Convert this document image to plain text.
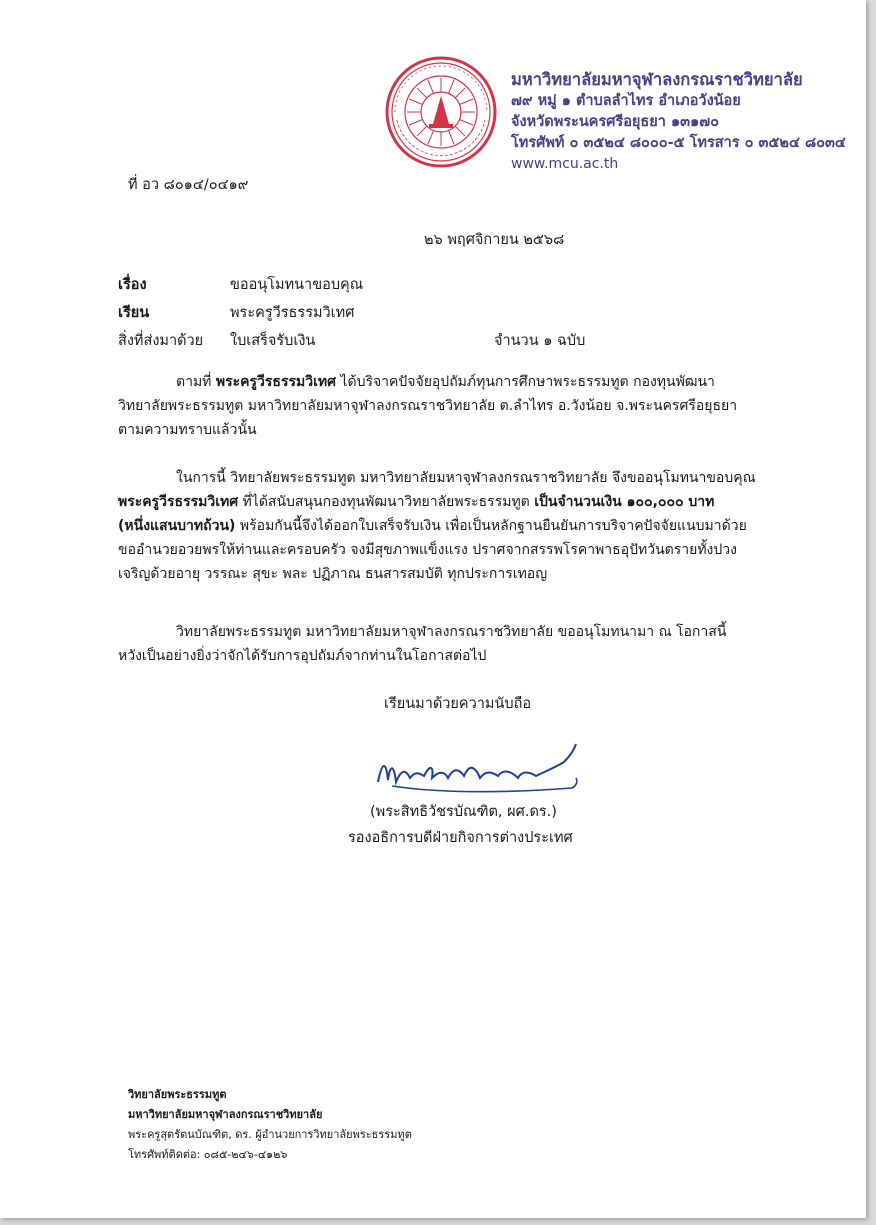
มหาวิทยาลัยมหาจุฬาลงกรณราชวิทยาลัย
๗๙ หมู่ ๑ ตำบลลำไทร อำเภอวังน้อย
จังหวัดพระนครศรีอยุธยา ๑๓๑๗๐
โทรศัพท์ ๐ ๓๕๒๔ ๘๐๐๐-๕ โทรสาร ๐ ๓๕๒๔ ๘๐๓๔
www.mcu.ac.th
ที่ อว ๘๐๑๔/๐๔๑๙
๒๖ พฤศจิกายน ๒๕๖๘
เรื่อง	ขออนุโมทนาขอบคุณ
เรียน	พระครูวีรธรรมวิเทศ
สิ่งที่ส่งมาด้วย ใบเสร็จรับเงิน	จำนวน ๑ ฉบับ
ตามที่ พระครูวีรธรรมวิเทศ ได้บริจาคปัจจัยอุปถัมภ์ทุนการศึกษาพระธรรมทูต กองทุนพัฒนา
วิทยาลัยพระธรรมทูต มหาวิทยาลัยมหาจุฬาลงกรณราชวิทยาลัย ต.ลำไทร อ.วังน้อย จ.พระนครศรีอยุธยา
ตามความทราบแล้วนั้น
ในการนี้ วิทยาลัยพระธรรมทูต มหาวิทยาลัยมหาจุฬาลงกรณราชวิทยาลัย จึงขออนุโมทนาขอบคุณ
พระครูวีรธรรมวิเทศ ที่ได้สนับสนุนกองทุนพัฒนาวิทยาลัยพระธรรมทูต เป็นจำนวนเงิน ๑๐๐,๐๐๐ บาท
(หนึ่งแสนบาทถ้วน) พร้อมกันนี้จึงได้ออกใบเสร็จรับเงิน เพื่อเป็นหลักฐานยืนยันการบริจาคปัจจัยแนบมาด้วย
ขออำนวยอวยพรให้ท่านและครอบครัว จงมีสุขภาพแข็งแรง ปราศจากสรรพโรคาพาธอุปัทวันตรายทั้งปวง
เจริญด้วยอายุ วรรณะ สุขะ พละ ปฏิภาณ ธนสารสมบัติ ทุกประการเทอญ
วิทยาลัยพระธรรมทูต มหาวิทยาลัยมหาจุฬาลงกรณราชวิทยาลัย ขออนุโมทนามา ณ โอกาสนี้
หวังเป็นอย่างยิ่งว่าจักได้รับการอุปถัมภ์จากท่านในโอกาสต่อไป
เรียนมาด้วยความนับถือ
(พระสิทธิวัชรบัณฑิต, ผศ.ดร.)
รองอธิการบดีฝ่ายกิจการต่างประเทศ
วิทยาลัยพระธรรมทูต
มหาวิทยาลัยมหาจุฬาลงกรณราชวิทยาลัย
พระครูสุตรัตนบัณฑิต, ดร. ผู้อำนวยการวิทยาลัยพระธรรมทูต
โทรศัพท์ติดต่อ: ๐๘๕-๒๔๖-๔๑๒๖
